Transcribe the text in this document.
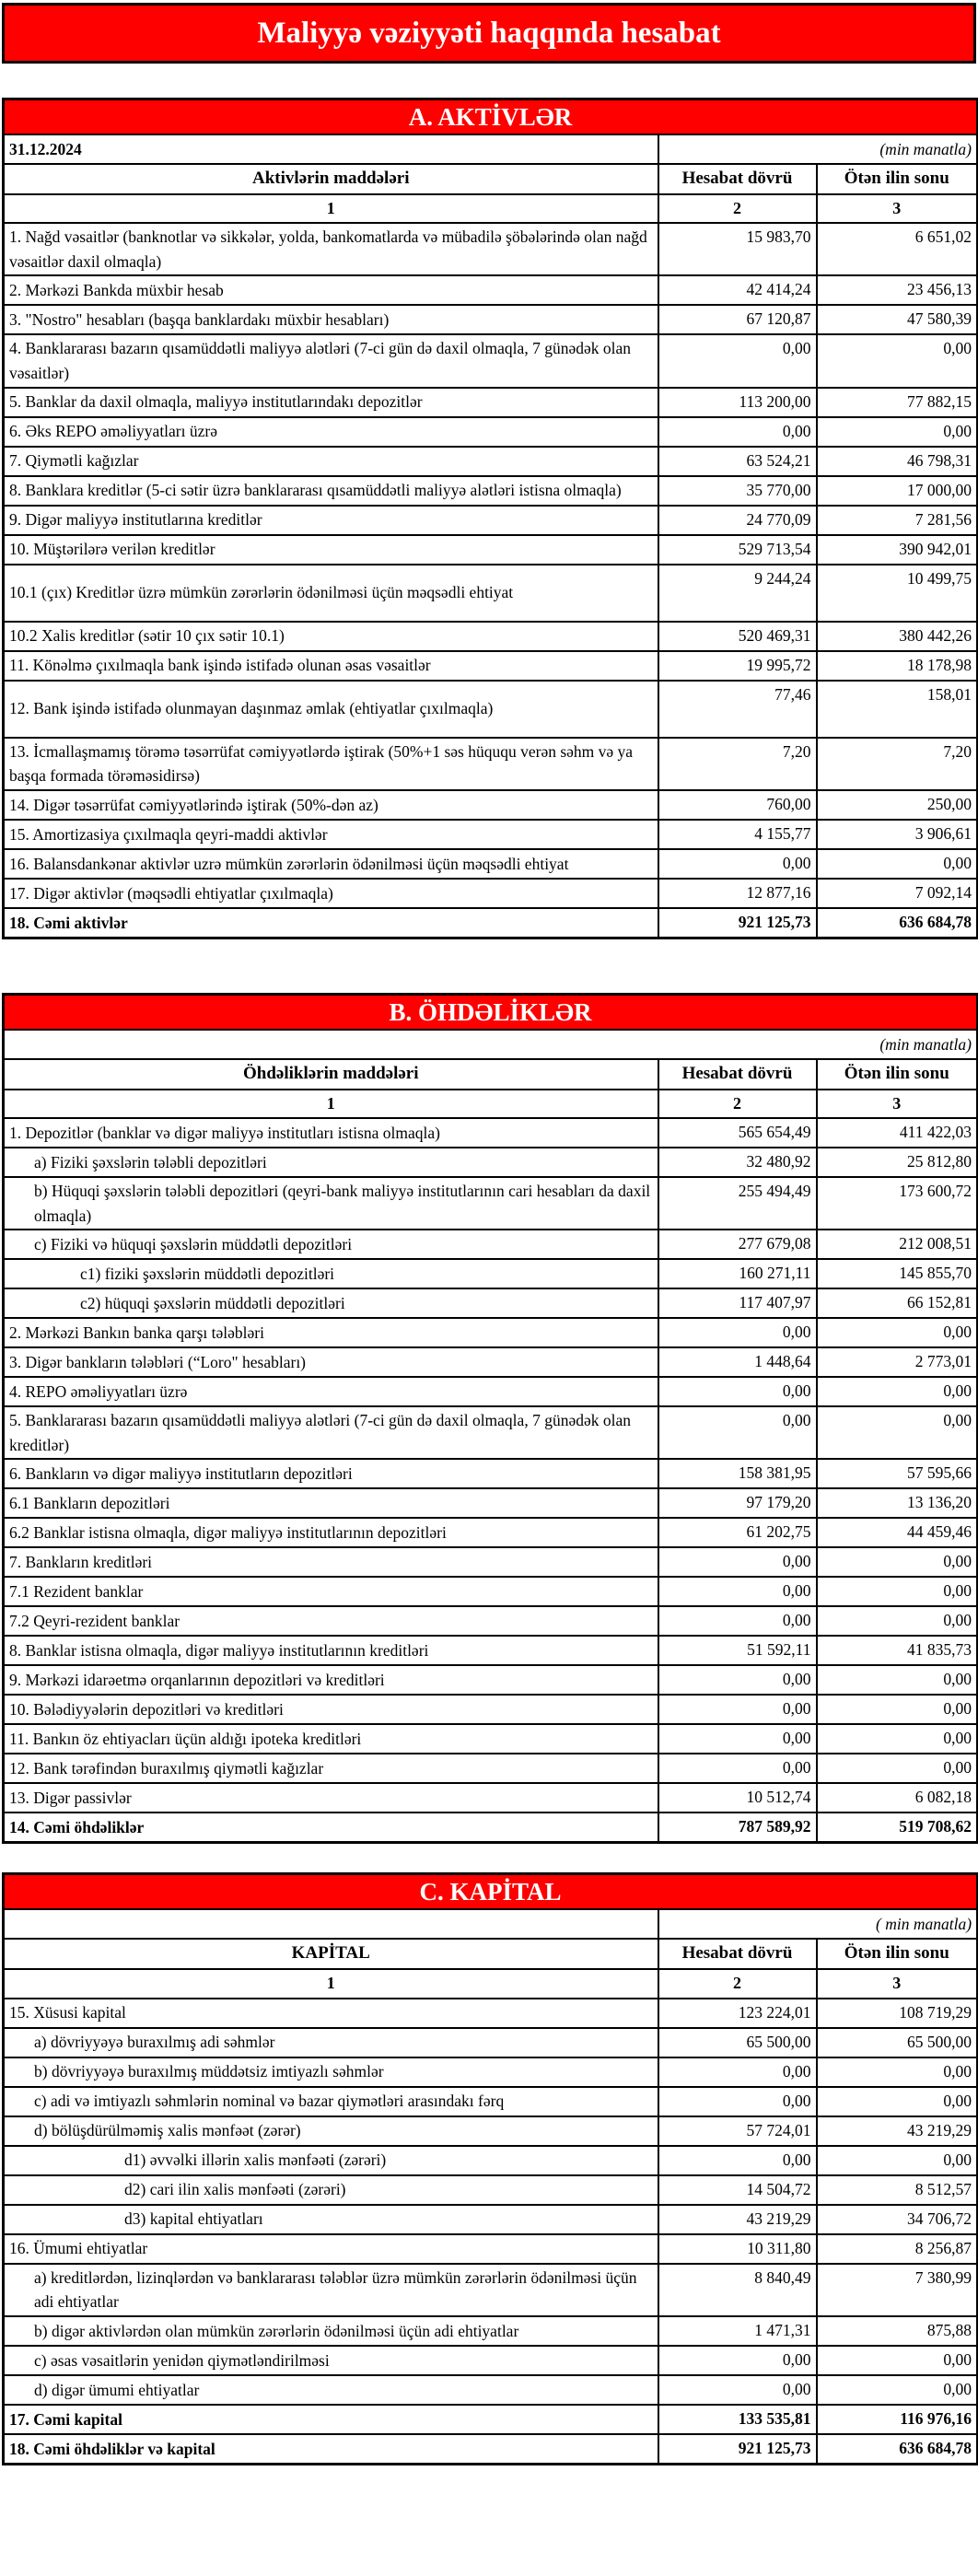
Maliyyə vəziyyəti haqqında hesabat
A. AKTİVLƏR		
31.12.2024	(min manatla)	
Aktivlərin maddələri	Hesabat dövrü	Ötən ilin sonu
1	2	3
1. Nağd vəsaitlər (banknotlar və sikkələr, yolda, bankomatlarda və mübadilə şöbələrində olan nağd vəsaitlər daxil olmaqla)	15 983,70	6 651,02
2. Mərkəzi Bankda müxbir hesab	42 414,24	23 456,13
3. "Nostro" hesabları (başqa banklardakı müxbir hesabları)	67 120,87	47 580,39
4. Banklararası bazarın qısamüddətli maliyyə alətləri (7-ci gün də daxil olmaqla, 7 günədək olan vəsaitlər)	0,00	0,00
5. Banklar da daxil olmaqla, maliyyə institutlarındakı depozitlər	113 200,00	77 882,15
6. Əks REPO əməliyyatları üzrə	0,00	0,00
7. Qiymətli kağızlar	63 524,21	46 798,31
8. Banklara kreditlər (5-ci sətir üzrə banklararası qısamüddətli maliyyə alətləri istisna olmaqla)	35 770,00	17 000,00
9. Digər maliyyə institutlarına kreditlər	24 770,09	7 281,56
10. Müştərilərə verilən kreditlər	529 713,54	390 942,01
10.1 (çıx) Kreditlər üzrə mümkün zərərlərin ödənilməsi üçün məqsədli ehtiyat	9 244,24	10 499,75
10.2 Xalis kreditlər (sətir 10 çıx sətir 10.1)	520 469,31	380 442,26
11. Könəlmə çıxılmaqla bank işində istifadə olunan əsas vəsaitlər	19 995,72	18 178,98
12. Bank işində istifadə olunmayan daşınmaz əmlak (ehtiyatlar çıxılmaqla)	77,46	158,01
13. İcmallaşmamış törəmə təsərrüfat cəmiyyətlərdə iştirak (50%+1 səs hüququ verən səhm və ya başqa formada törəməsidirsə)	7,20	7,20
14. Digər təsərrüfat cəmiyyətlərində iştirak (50%-dən az)	760,00	250,00
15. Amortizasiya çıxılmaqla qeyri-maddi aktivlər	4 155,77	3 906,61
16. Balansdankənar aktivlər uzrə mümkün zərərlərin ödənilməsi üçün məqsədli ehtiyat	0,00	0,00
17. Digər aktivlər (məqsədli ehtiyatlar çıxılmaqla)	12 877,16	7 092,14
18. Cəmi aktivlər	921 125,73	636 684,78
B. ÖHDƏLİKLƏR		
(min manatla)		
Öhdəliklərin maddələri	Hesabat dövrü	Ötən ilin sonu
1	2	3
1. Depozitlər (banklar və digər maliyyə institutları istisna olmaqla)	565 654,49	411 422,03
a) Fiziki şəxslərin tələbli depozitləri	32 480,92	25 812,80
b) Hüquqi şəxslərin tələbli depozitləri (qeyri-bank maliyyə institutlarının cari hesabları da daxil olmaqla)	255 494,49	173 600,72
c) Fiziki və hüquqi şəxslərin müddətli depozitləri	277 679,08	212 008,51
c1) fiziki şəxslərin müddətli depozitləri	160 271,11	145 855,70
c2) hüquqi şəxslərin müddətli depozitləri	117 407,97	66 152,81
2. Mərkəzi Bankın banka qarşı tələbləri	0,00	0,00
3. Digər bankların tələbləri (“Loro" hesabları)	1 448,64	2 773,01
4. REPO əməliyyatları üzrə	0,00	0,00
5. Banklararası bazarın qısamüddətli maliyyə alətləri (7-ci gün də daxil olmaqla, 7 günədək olan kreditlər)	0,00	0,00
6. Bankların və digər maliyyə institutların depozitləri	158 381,95	57 595,66
6.1 Bankların depozitləri	97 179,20	13 136,20
6.2 Banklar istisna olmaqla, digər maliyyə institutlarının depozitləri	61 202,75	44 459,46
7. Bankların kreditləri	0,00	0,00
7.1 Rezident banklar	0,00	0,00
7.2 Qeyri-rezident banklar	0,00	0,00
8. Banklar istisna olmaqla, digər maliyyə institutlarının kreditləri	51 592,11	41 835,73
9. Mərkəzi idarəetmə orqanlarının depozitləri və kreditləri	0,00	0,00
10. Bələdiyyələrin depozitləri və kreditləri	0,00	0,00
11. Bankın öz ehtiyacları üçün aldığı ipoteka kreditləri	0,00	0,00
12. Bank tərəfindən buraxılmış qiymətli kağızlar	0,00	0,00
13. Digər passivlər	10 512,74	6 082,18
14. Cəmi öhdəliklər	787 589,92	519 708,62
C. KAPİTAL		
	( min manatla)	
KAPİTAL	Hesabat dövrü	Ötən ilin sonu
1	2	3
15. Xüsusi kapital	123 224,01	108 719,29
a) dövriyyəyə buraxılmış adi səhmlər	65 500,00	65 500,00
b) dövriyyəyə buraxılmış müddətsiz imtiyazlı səhmlər	0,00	0,00
c) adi və imtiyazlı səhmlərin nominal və bazar qiymətləri arasındakı fərq	0,00	0,00
d) bölüşdürülməmiş xalis mənfəət (zərər)	57 724,01	43 219,29
d1) əvvəlki illərin xalis mənfəəti (zərəri)	0,00	0,00
d2) cari ilin xalis mənfəəti (zərəri)	14 504,72	8 512,57
d3) kapital ehtiyatları	43 219,29	34 706,72
16. Ümumi ehtiyatlar	10 311,80	8 256,87
a) kreditlərdən, lizinqlərdən və banklararası tələblər üzrə mümkün zərərlərin ödənilməsi üçün adi ehtiyatlar	8 840,49	7 380,99
b) digər aktivlərdən olan mümkün zərərlərin ödənilməsi üçün adi ehtiyatlar	1 471,31	875,88
c) əsas vəsaitlərin yenidən qiymətləndirilməsi	0,00	0,00
d) digər ümumi ehtiyatlar	0,00	0,00
17. Cəmi kapital	133 535,81	116 976,16
18. Cəmi öhdəliklər və kapital	921 125,73	636 684,78
